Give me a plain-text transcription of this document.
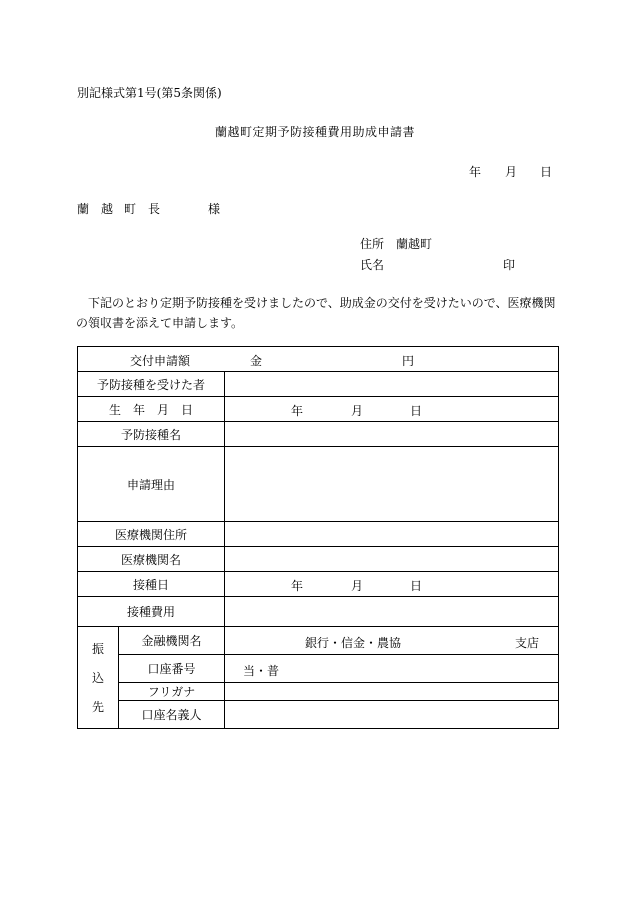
別記様式第1号(第5条関係)
蘭越町定期予防接種費用助成申請書
年 月 日
蘭 越 町 長	様
住所 蘭越町
氏名	印
下記のとおり定期予防接種を受けましたので、助成金の交付を受けたいので、医療機関の領収書を添えて申請します。
交付申請額 金 円		

予防接種を受けた者		
生　年　月　日		年 月 日

予防接種名		
申請理由		
医療機関住所		
医療機関名		
接種日		年 月 日

接種費用		

振
込
先	金融機関名	銀行・信金・農協 支店

	口座番号	当・普

	フリガナ	
	口座名義人	
